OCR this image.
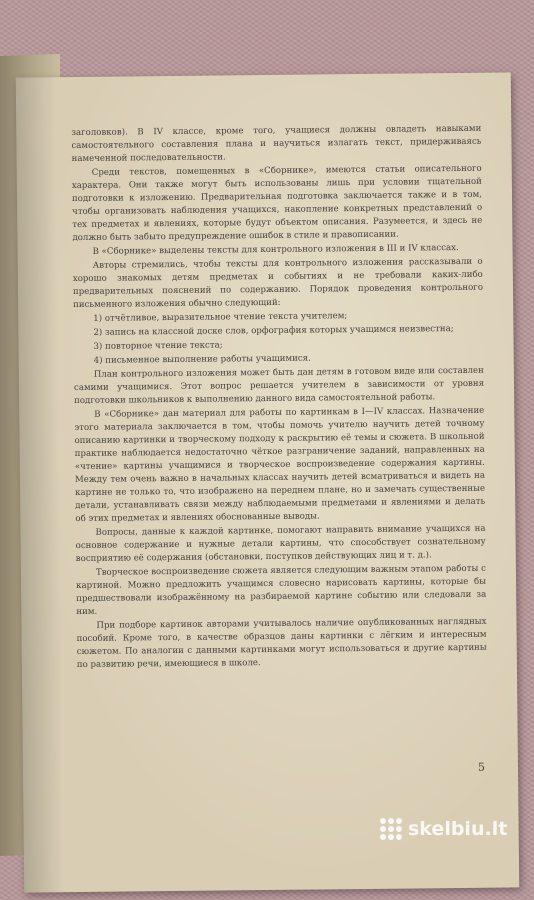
заголовков). В IV классе, кроме того, учащиеся должны овладеть навыками самостоятельного составления плана и научиться излагать текст, придерживаясь намеченной последовательности.

Среди текстов, помещенных в «Сборнике», имеются статьи описательного характера. Они также могут быть использованы лишь при условии тщательной подготовки к изложению. Предварительная подготовка заключается также и в том, чтобы организовать наблюдения учащихся, накопление конкретных представлений о тех предметах и явлениях, которые будут объектом описания. Разумеется, и здесь не должно быть забыто предупреждение ошибок в стиле и правописании.

В «Сборнике» выделены тексты для контрольного изложения в III и IV классах.

Авторы стремились, чтобы тексты для контрольного изложения рассказывали о хорошо знакомых детям предметах и событиях и не требовали каких-либо предварительных пояснений по содержанию. Порядок проведения контрольного письменного изложения обычно следующий:

1) отчётливое, выразительное чтение текста учителем;

2) запись на классной доске слов, орфография которых учащимся неизвестна;

3) повторное чтение текста;

4) письменное выполнение работы учащимися.

План контрольного изложения может быть дан детям в готовом виде или составлен самими учащимися. Этот вопрос решается учителем в зависимости от уровня подготовки школьников к выполнению данного вида самостоятельной работы.

В «Сборнике» дан материал для работы по картинкам в I—IV классах. Назначение этого материала заключается в том, чтобы помочь учителю научить детей точному описанию картинки и творческому подходу к раскрытию её темы и сюжета. В школьной практике наблюдается недостаточно чёткое разграничение заданий, направленных на «чтение» картины учащимися и творческое воспроизведение содержания картины. Между тем очень важно в начальных классах научить детей всматриваться и видеть на картине не только то, что изображено на переднем плане, но и замечать существенные детали, устанавливать связи между наблюдаемыми предметами и явлениями и делать об этих предметах и явлениях обоснованные выводы.

Вопросы, данные к каждой картинке, помогают направить внимание учащихся на основное содержание и нужные детали картины, что способствует сознательному восприятию её содержания (обстановки, поступков действующих лиц и т. д.).

Творческое воспроизведение сюжета является следующим важным этапом работы с картиной. Можно предложить учащимся словесно нарисовать картины, которые бы предшествовали изображённому на разбираемой картине событию или следовали за ним.

При подборе картинок авторами учитывалось наличие опубликованных наглядных пособий. Кроме того, в качестве образцов даны картинки с лёгким и интересным сюжетом. По аналогии с данными картинками могут использоваться и другие картины по развитию речи, имеющиеся в школе.

5
skelbiu.lt
